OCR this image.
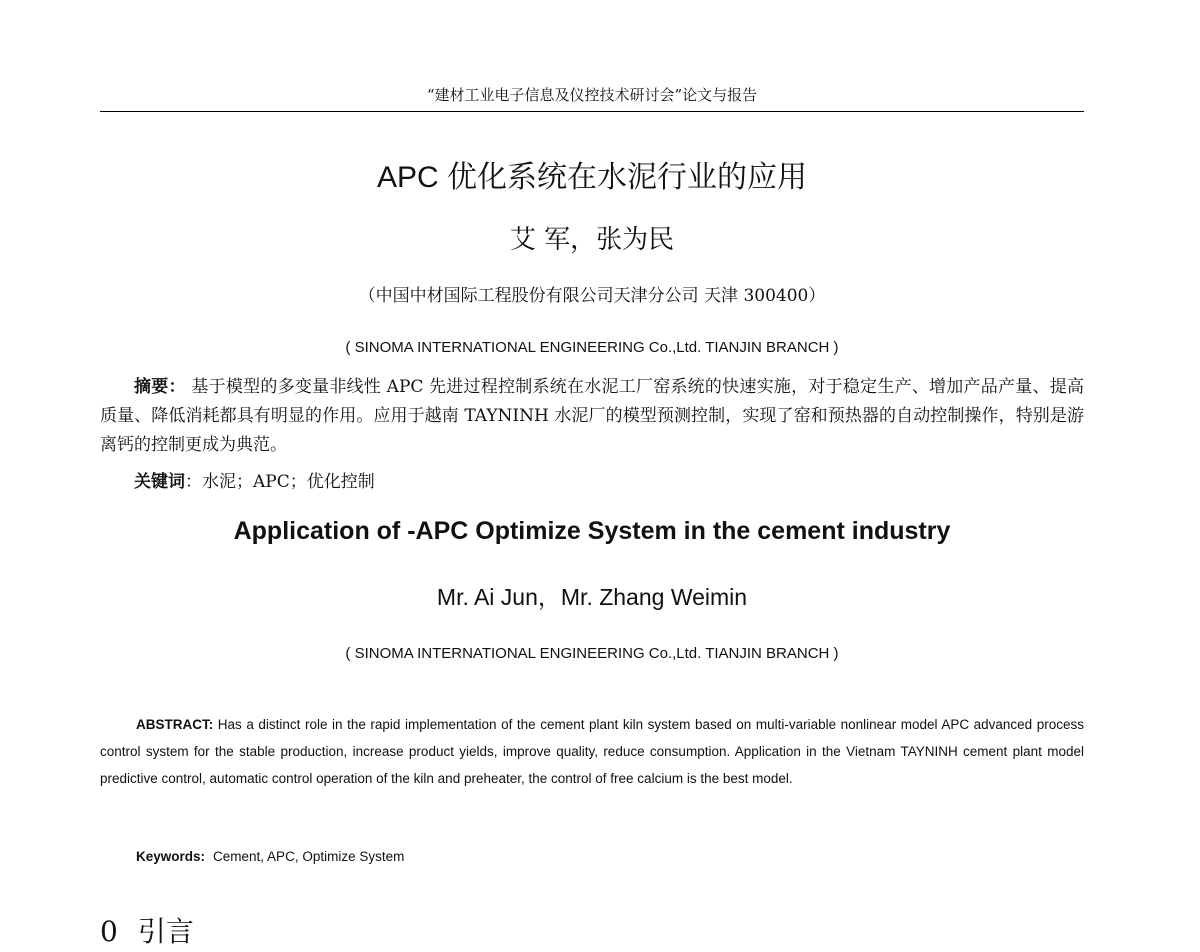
“建材工业电子信息及仪控技术研讨会”论文与报告
APC 优化系统在水泥行业的应用
艾 军，张为民
（中国中材国际工程股份有限公司天津分公司 天津 300400）
( SINOMA INTERNATIONAL ENGINEERING Co.,Ltd. TIANJIN BRANCH )

摘要： 基于模型的多变量非线性 APC 先进过程控制系统在水泥工厂窑系统的快速实施，对于稳定生产、增加产品产量、提高质量、降低消耗都具有明显的作用。应用于越南 TAYNINH 水泥厂的模型预测控制，实现了窑和预热器的自动控制操作，特别是游离钙的控制更成为典范。

关键词：水泥；APC；优化控制
Application of -APC Optimize System in the cement industry
Mr. Ai Jun，Mr. Zhang Weimin
( SINOMA INTERNATIONAL ENGINEERING Co.,Ltd. TIANJIN BRANCH )

ABSTRACT: Has a distinct role in the rapid implementation of the cement plant kiln system based on multi-variable nonlinear model APC advanced process control system for the stable production, increase product yields, improve quality, reduce consumption. Application in the Vietnam TAYNINH cement plant model predictive control, automatic control operation of the kiln and preheater, the control of free calcium is the best model.

Keywords: Cement, APC, Optimize System
0 引言
